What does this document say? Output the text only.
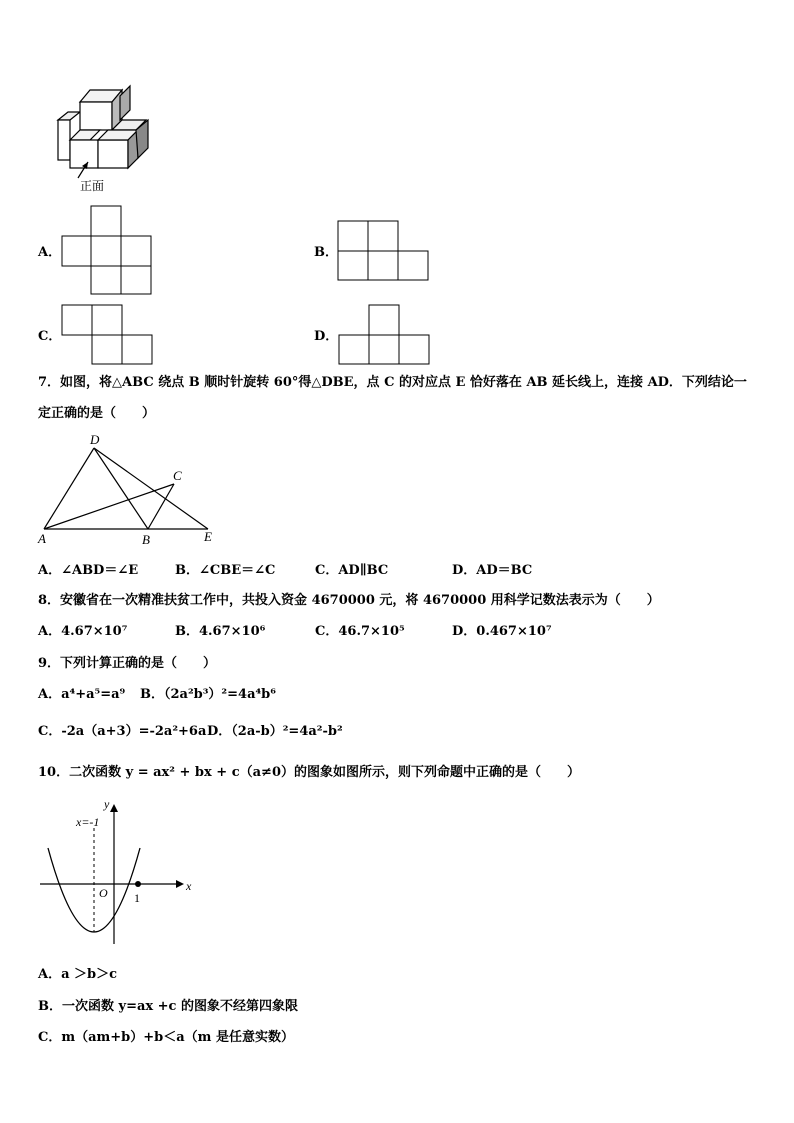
正面
A．	B．
C．	D．
7．如图，将△ABC 绕点 B 顺时针旋转 60°得△DBE，点 C 的对应点 E 恰好落在 AB 延长线上，连接 AD．下列结论一
定正确的是（　　）
D
C
A	B	E
A．∠ABD＝∠E	B．∠CBE＝∠C	C．AD∥BC	D．AD＝BC
8．安徽省在一次精准扶贫工作中，共投入资金 4670000 元，将 4670000 用科学记数法表示为（　　）
A．4.67×10⁷	B．4.67×10⁶	C．46.7×10⁵	D．0.467×10⁷
9．下列计算正确的是（　　）
A．a⁴+a⁵=a⁹ B．（2a²b³）²=4a⁴b⁶
C．-2a（a+3）=-2a²+6a D．（2a-b）²=4a²-b²
10．二次函数 y = ax² + bx + c（a≠0）的图象如图所示，则下列命题中正确的是（　　）
x=-1
y
x
O 1
A．a ＞b＞c
B．一次函数 y=ax +c 的图象不经第四象限
C．m（am+b）+b＜a（m 是任意实数）
